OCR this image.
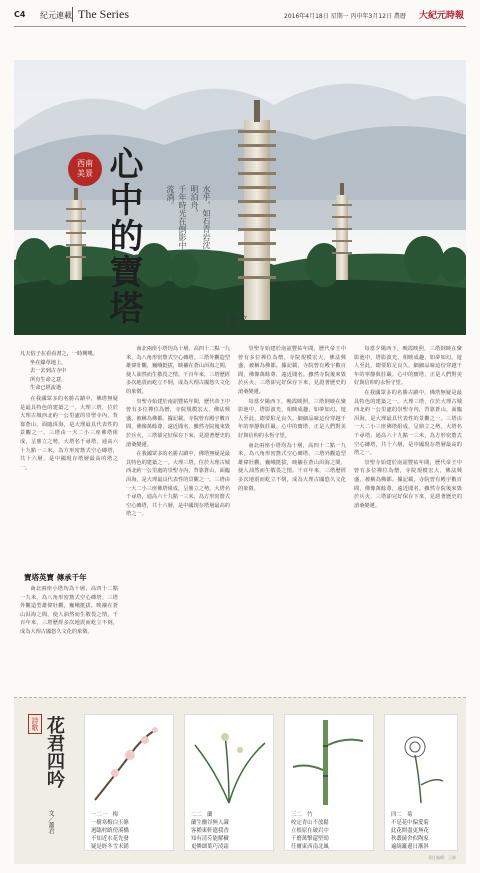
C4 紀元連載 The Series	2016年4月18日 星期一 丙申年3月12日 農曆 大紀元時報
西南
美景 心中的寶塔	水乎，如石青岩沈明泊舟，
千年時光在倒影中流淌。
文／ 蕭耕倉
凡夫俗子在看看書之，一時興嘆。
坐在綠草地上，
去一去到古寺中
所有生命之意，
生命已經流逝

在我國眾多的名勝古蹟中，佛塔無疑是最具特色的建築之一。大理三塔，位於大理古城西北約一公里處的崇聖寺內，背靠蒼山，面臨洱海，是大理最具代表性的景觀之一。三塔由一大二小三座佛塔組成，呈鼎立之勢。大塔名千尋塔，通高六十九點一三米，為方形密簷式空心磚塔，共十六層，是中國現存塔層最高的塔之一。

寶塔英寶 傳承千年

南北兩座小塔均為十層，高四十二點一九米，為八角形密簷式空心磚塔。三塔外觀造型雄偉壯觀，巍峨挺拔，映襯在蒼山洱海之間，使人油然而生敬畏之情。千百年來，三塔歷經多次地震而屹立不倒，成為大理古國悠久文化的象徵。

南北兩座小塔均為十層，高四十二點一九米，為八角形密簷式空心磚塔。三塔外觀造型雄偉壯觀，巍峨挺拔，映襯在蒼山洱海之間，使人油然而生敬畏之情。千百年來，三塔歷經多次地震而屹立不倒，成為大理古國悠久文化的象徵。

崇聖寺始建於南詔豐祐年間，歷代帝王中曾有多位禪位為僧，寺院規模宏大，佛法興盛，被稱為佛都。據記載，寺院曾有殿宇數百間，佛像萬餘尊，遠近聞名。雖然寺院後來毀於兵火，三塔卻完好保存下來，見證著歷史的滄桑變遷。

在我國眾多的名勝古蹟中，佛塔無疑是最具特色的建築之一。大理三塔，位於大理古城西北約一公里處的崇聖寺內，背靠蒼山，面臨洱海，是大理最具代表性的景觀之一。三塔由一大二小三座佛塔組成，呈鼎立之勢。大塔名千尋塔，通高六十九點一三米，為方形密簷式空心磚塔，共十六層，是中國現存塔層最高的塔之一。

崇聖寺始建於南詔豐祐年間，歷代帝王中曾有多位禪位為僧，寺院規模宏大，佛法興盛，被稱為佛都。據記載，寺院曾有殿宇數百間，佛像萬餘尊，遠近聞名。雖然寺院後來毀於兵火，三塔卻完好保存下來，見證著歷史的滄桑變遷。

每當夕陽西下，晚霞映照，三塔倒映在聚影池中，塔影波光，相映成趣，如夢如幻。遊人至此，總要駐足良久，細細品味這份穿越千年的寧靜與莊嚴。心中的寶塔，正是人們對美好與信仰的永恆守望。

南北兩座小塔均為十層，高四十二點一九米，為八角形密簷式空心磚塔。三塔外觀造型雄偉壯觀，巍峨挺拔，映襯在蒼山洱海之間，使人油然而生敬畏之情。千百年來，三塔歷經多次地震而屹立不倒，成為大理古國悠久文化的象徵。

每當夕陽西下，晚霞映照，三塔倒映在聚影池中，塔影波光，相映成趣，如夢如幻。遊人至此，總要駐足良久，細細品味這份穿越千年的寧靜與莊嚴。心中的寶塔，正是人們對美好與信仰的永恆守望。

在我國眾多的名勝古蹟中，佛塔無疑是最具特色的建築之一。大理三塔，位於大理古城西北約一公里處的崇聖寺內，背靠蒼山，面臨洱海，是大理最具代表性的景觀之一。三塔由一大二小三座佛塔組成，呈鼎立之勢。大塔名千尋塔，通高六十九點一三米，為方形密簷式空心磚塔，共十六層，是中國現存塔層最高的塔之一。

崇聖寺始建於南詔豐祐年間，歷代帝王中曾有多位禪位為僧，寺院規模宏大，佛法興盛，被稱為佛都。據記載，寺院曾有殿宇數百間，佛像萬餘尊，遠近聞名。雖然寺院後來毀於兵火，三塔卻完好保存下來，見證著歷史的滄桑變遷。

詩歌 花君四吟
文／蕭君	一二一　梅
一樹寒梅白玉條
迥臨村路傍溪橋
不知近水花先發
疑是經冬雪未銷
二二　蘭
蘭生幽谷無人識
客種東軒遺我香
知有清芬能解穢
更憐細葉巧凌霜
三二　竹
咬定青山不放鬆
立根原在破岩中
千磨萬擊還堅勁
任爾東西南北風
四二　菊
不是花中偏愛菊
此花開盡更無花
秋叢繞舍似陶家
遍繞籬邊日漸斜
責任編輯：王勝
